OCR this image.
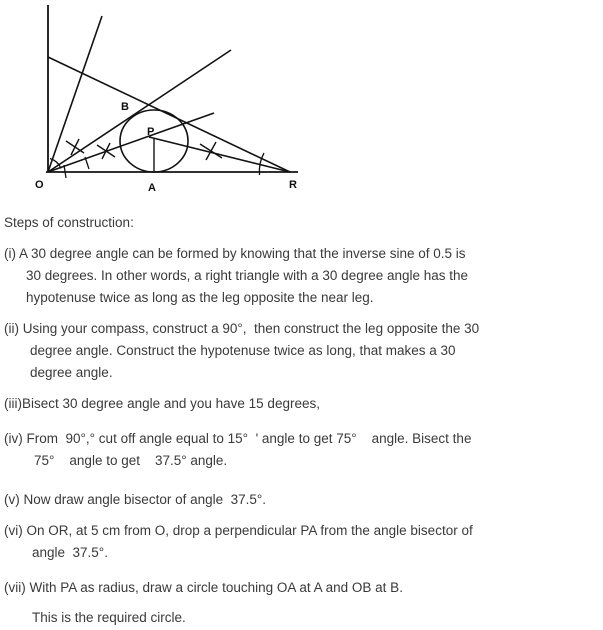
O	A	R
B
P
Steps of construction:
(i) A 30 degree angle can be formed by knowing that the inverse sine of 0.5 is
30 degrees. In other words, a right triangle with a 30 degree angle has the
hypotenuse twice as long as the leg opposite the near leg.
(ii) Using your compass, construct a 90°,  then construct the leg opposite the 30
degree angle. Construct the hypotenuse twice as long, that makes a 30
degree angle.
(iii)Bisect 30 degree angle and you have 15 degrees,
(iv) From  90°,° cut off angle equal to 15°  ' angle to get 75°    angle. Bisect the
75°    angle to get    37.5° angle.
(v) Now draw angle bisector of angle  37.5°.
(vi) On OR, at 5 cm from O, drop a perpendicular PA from the angle bisector of
angle  37.5°.
(vii) With PA as radius, draw a circle touching OA at A and OB at B.
This is the required circle.
